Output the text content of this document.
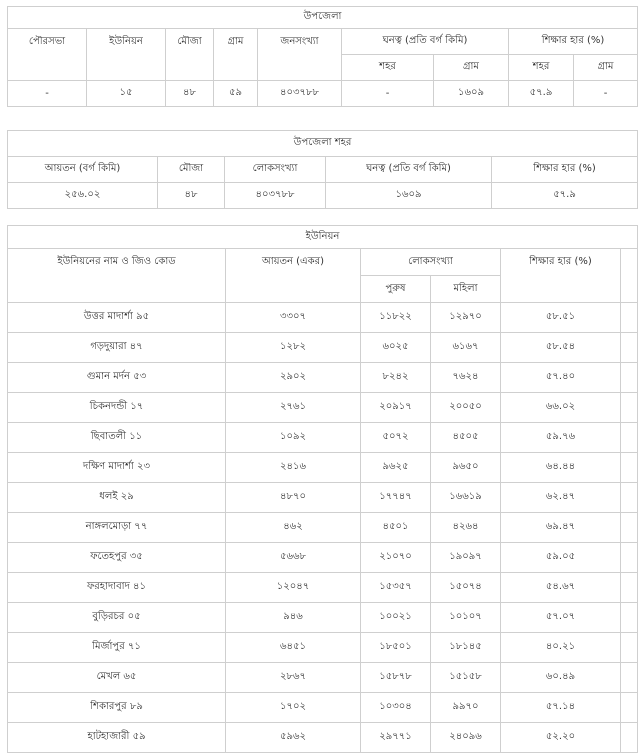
উপজেলা								
পৌরসভা	ইউনিয়ন	মৌজা	গ্রাম	জনসংখ্যা	ঘনত্ব (প্রতি বর্গ কিমি)		শিক্ষার হার (%)	
					শহর	গ্রাম	শহর	গ্রাম
-	১৫	৪৮	৫৯	৪০৩৭৮৮	-	১৬০৯	৫৭.৯	-
উপজেলা শহর				
আয়তন (বর্গ কিমি)	মৌজা	লোকসংখ্যা	ঘনত্ব (প্রতি বর্গ কিমি)	শিক্ষার হার (%)
২৫৬.০২	৪৮	৪০৩৭৮৮	১৬০৯	৫৭.৯
ইউনিয়ন					
ইউনিয়নের নাম ও জিও কোড	আয়তন (একর)	লোকসংখ্যা		শিক্ষার হার (%)	
		পুরুষ	মহিলা		
উত্তর মাদার্শা ৯৫	৩৩০৭	১১৮২২	১২৯৭০	৫৮.৫১	
গড়দুয়ারা ৪৭	১২৮২	৬০২৫	৬১৬৭	৫৮.৫৪	
গুমান মর্দন ৫৩	২৯০২	৮২৪২	৭৬২৪	৫৭.৪০	
চিকনদন্ডী ১৭	২৭৬১	২০৯১৭	২০০৫০	৬৬.০২	
ছিবাতলী ১১	১০৯২	৫০৭২	৪৫০৫	৫৯.৭৬	
দক্ষিণ মাদার্শা ২৩	২৪১৬	৯৬২৫	৯৬৫০	৬৪.৪৪	
ধলই ২৯	৪৮৭০	১৭৭৪৭	১৬৬১৯	৬২.৪৭	
নাঙ্গলমোড়া ৭৭	৪৬২	৪৫০১	৪২৬৪	৬৯.৪৭	
ফতেহপুর ৩৫	৫৬৬৮	২১০৭০	১৯০৯৭	৫৯.০৫	
ফরহাদাবাদ ৪১	১২০৪৭	১৫৩৫৭	১৫০৭৪	৫৪.৬৭	
বুড়িরচর ০৫	৯৪৬	১০০২১	১০১০৭	৫৭.০৭	
মির্জাপুর ৭১	৬৪৫১	১৮৫০১	১৮১৪৫	৪০.২১	
মেখল ৬৫	২৮৬৭	১৫৮৭৮	১৫১৫৮	৬০.৪৯	
শিকারপুর ৮৯	১৭০২	১০৩০৪	৯৯৭০	৫৭.১৪	
হাটহাজারী ৫৯	৫৯৬২	২৯৭৭১	২৪০৯৬	৫২.২০	
